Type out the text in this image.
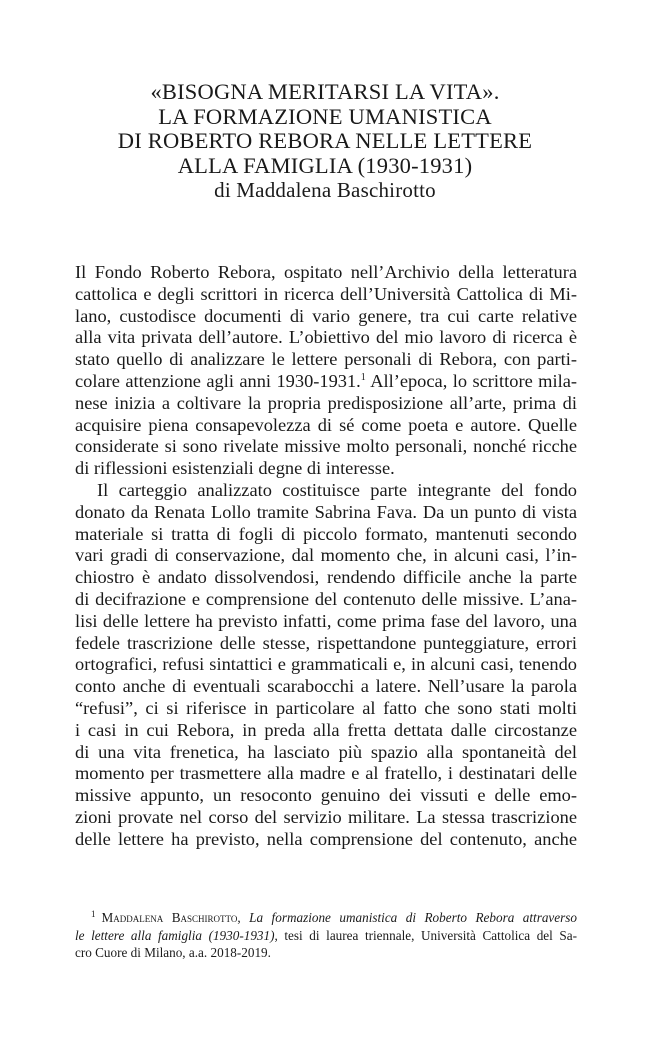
«BISOGNA MERITARSI LA VITA».
LA FORMAZIONE UMANISTICA
DI ROBERTO REBORA NELLE LETTERE
ALLA FAMIGLIA (1930-1931)
di Maddalena Baschirotto
Il Fondo Roberto Rebora, ospitato nell’Archivio della letteratura
cattolica e degli scrittori in ricerca dell’Università Cattolica di Mi-
lano, custodisce documenti di vario genere, tra cui carte relative
alla vita privata dell’autore. L’obiettivo del mio lavoro di ricerca è
stato quello di analizzare le lettere personali di Rebora, con parti-
colare attenzione agli anni 1930-1931.$^1$ All’epoca, lo scrittore mila-
nese inizia a coltivare la propria predisposizione all’arte, prima di
acquisire piena consapevolezza di sé come poeta e autore. Quelle
considerate si sono rivelate missive molto personali, nonché ricche
di riflessioni esistenziali degne di interesse.
Il carteggio analizzato costituisce parte integrante del fondo
donato da Renata Lollo tramite Sabrina Fava. Da un punto di vista
materiale si tratta di fogli di piccolo formato, mantenuti secondo
vari gradi di conservazione, dal momento che, in alcuni casi, l’in-
chiostro è andato dissolvendosi, rendendo difficile anche la parte
di decifrazione e comprensione del contenuto delle missive. L’ana-
lisi delle lettere ha previsto infatti, come prima fase del lavoro, una
fedele trascrizione delle stesse, rispettandone punteggiature, errori
ortografici, refusi sintattici e grammaticali e, in alcuni casi, tenendo
conto anche di eventuali scarabocchi a latere. Nell’usare la parola
“refusi”, ci si riferisce in particolare al fatto che sono stati molti
i casi in cui Rebora, in preda alla fretta dettata dalle circostanze
di una vita frenetica, ha lasciato più spazio alla spontaneità del
momento per trasmettere alla madre e al fratello, i destinatari delle
missive appunto, un resoconto genuino dei vissuti e delle emo-
zioni provate nel corso del servizio militare. La stessa trascrizione
delle lettere ha previsto, nella comprensione del contenuto, anche
$^1$ Maddalena Baschirotto, La formazione umanistica di Roberto Rebora attraverso
le lettere alla famiglia (1930-1931), tesi di laurea triennale, Università Cattolica del Sa-
cro Cuore di Milano, a.a. 2018-2019.
